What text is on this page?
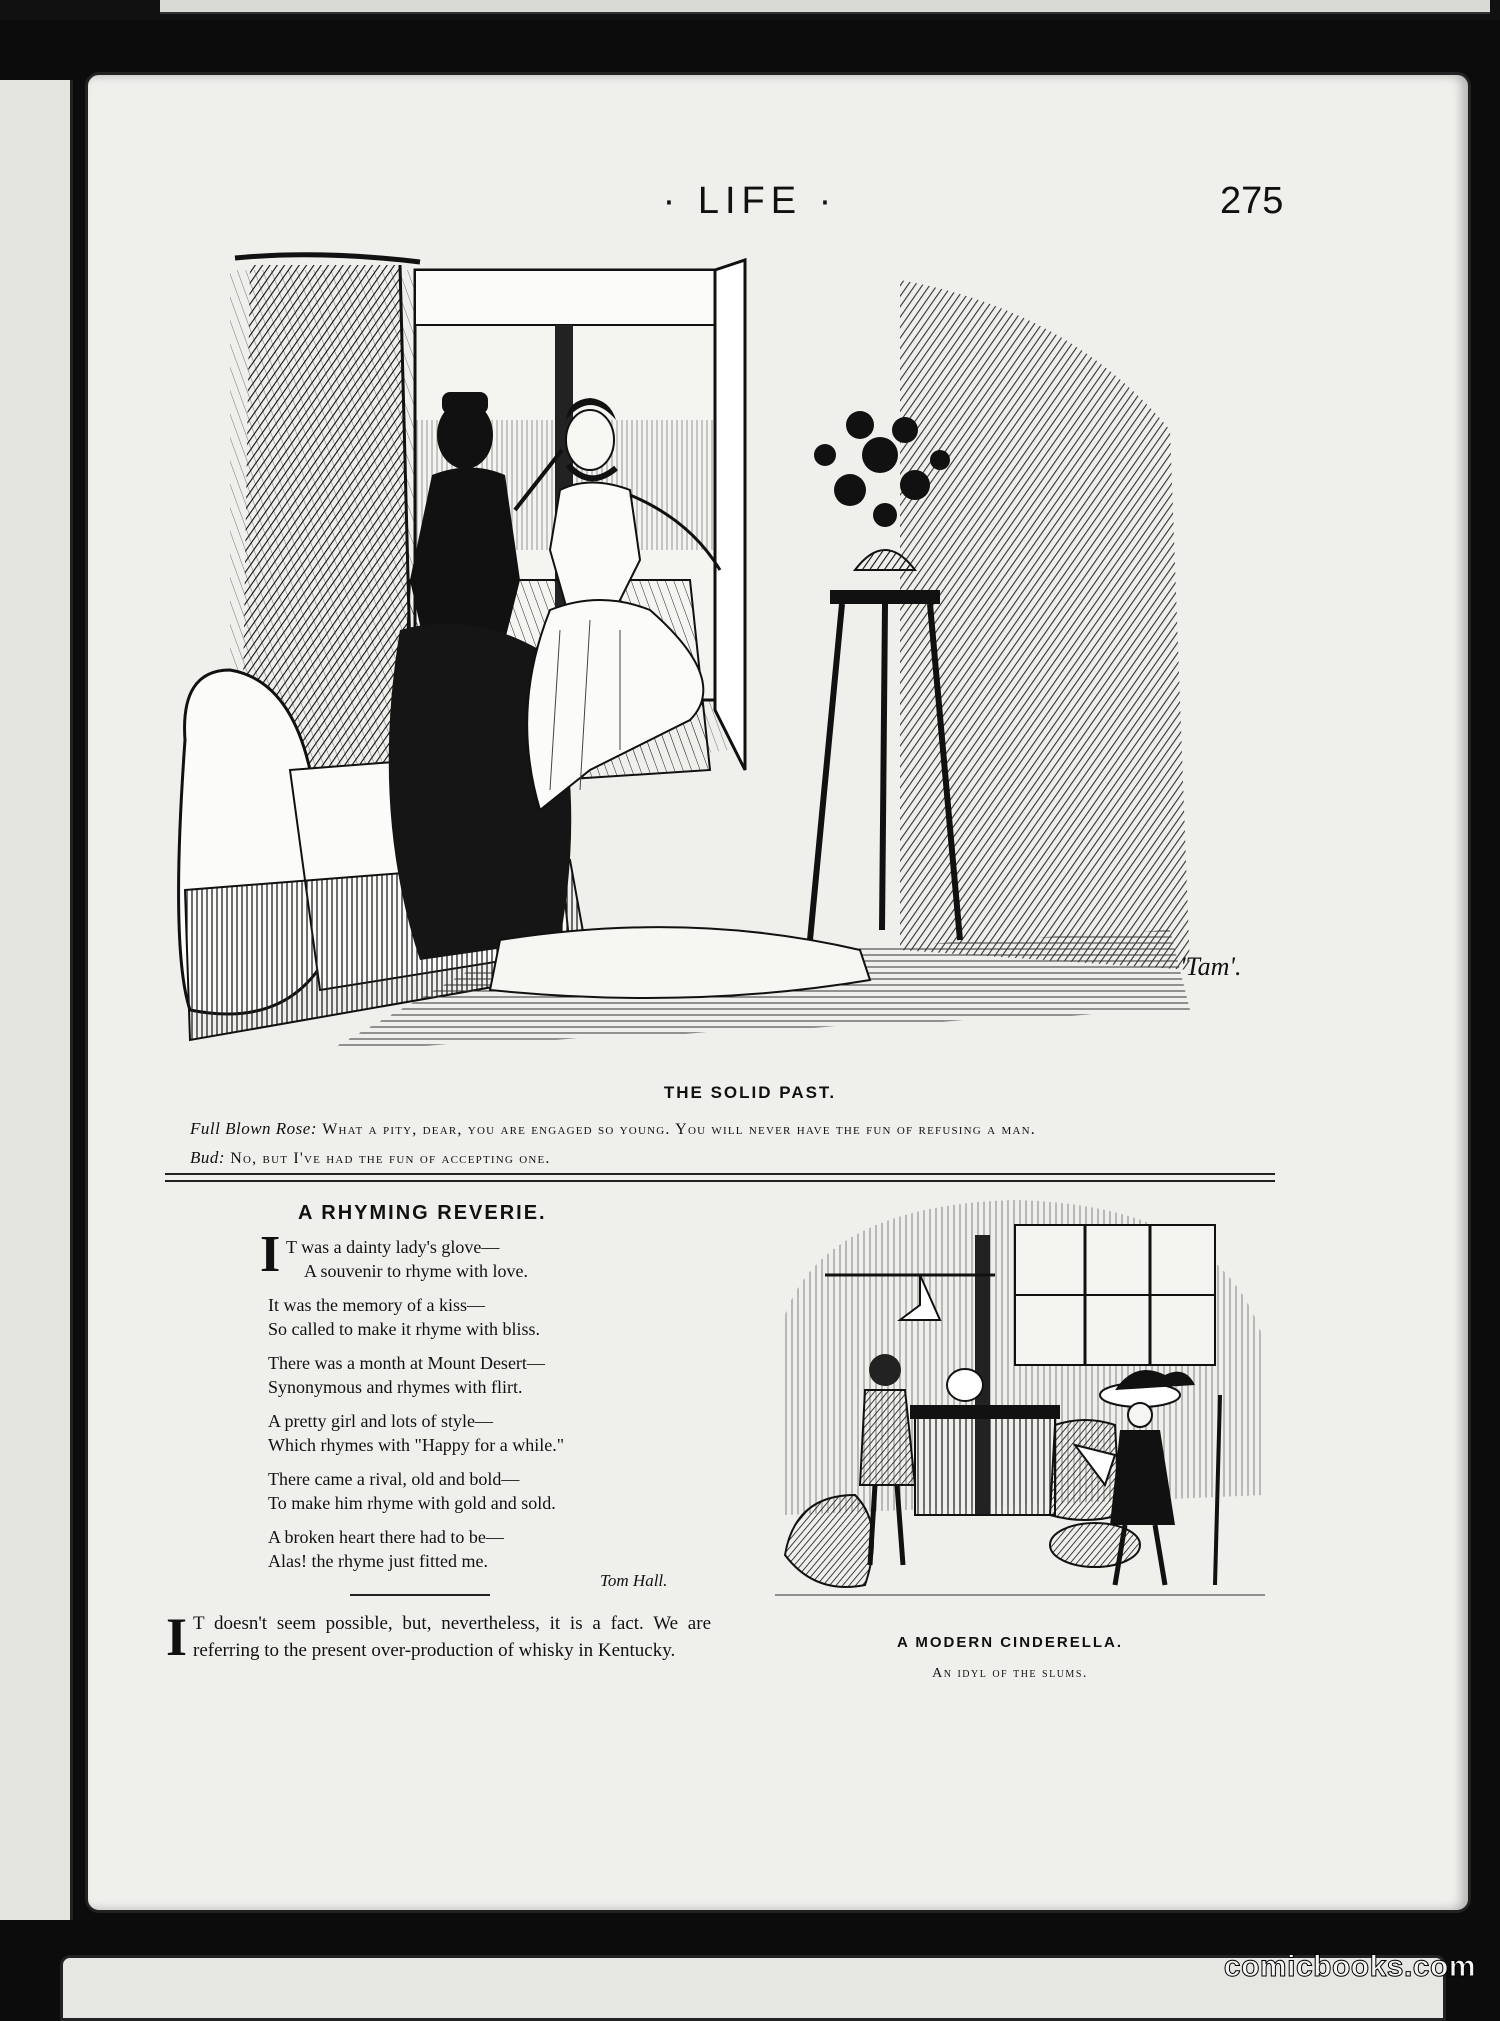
· LIFE ·	275
'Tam'.
THE SOLID PAST.
Full Blown Rose: What a pity, dear, you are engaged so young. You will never have the fun of refusing a man.
Bud: No, but I've had the fun of accepting one.
A RHYMING REVERIE.
I T was a dainty lady's glove—
A souvenir to rhyme with love.
It was the memory of a kiss—
So called to make it rhyme with bliss.
There was a month at Mount Desert—
Synonymous and rhymes with flirt.
A pretty girl and lots of style—
Which rhymes with "Happy for a while."
There came a rival, old and bold—
To make him rhyme with gold and sold.
A broken heart there had to be—
Alas! the rhyme just fitted me.
Tom Hall.
I T doesn't seem possible, but, nevertheless, it is a fact. We are referring to the present over-production of whisky in Kentucky.	A MODERN CINDERELLA.
An idyl of the slums.
comicbooks.com
